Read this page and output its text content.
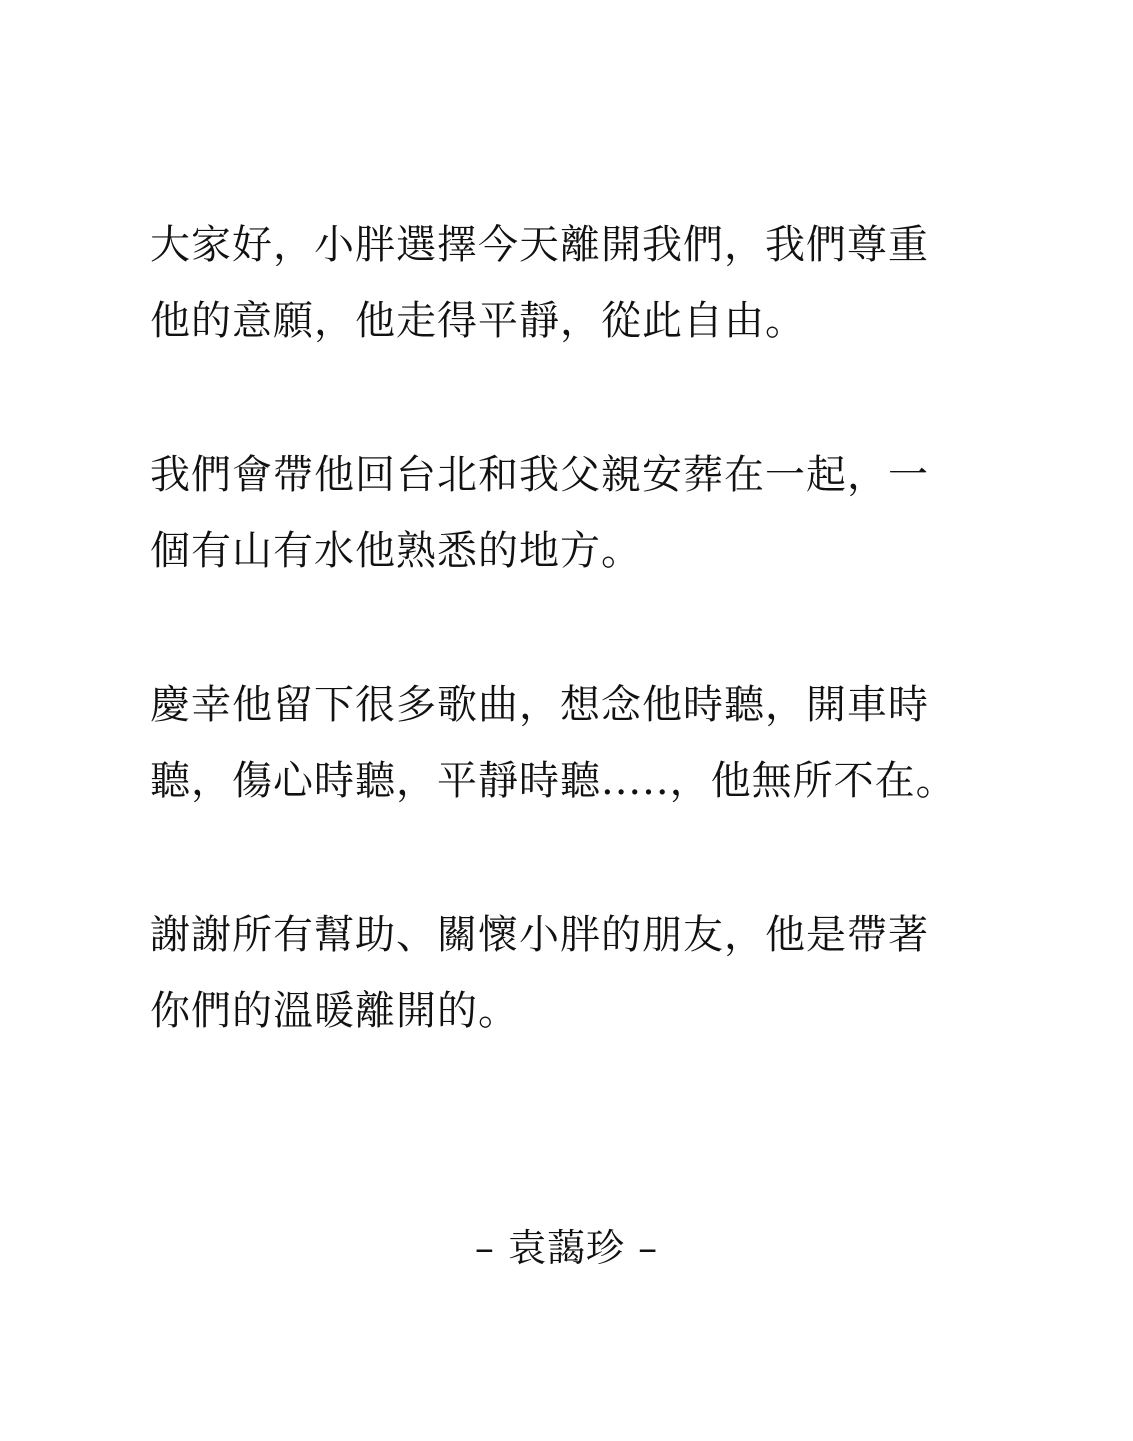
大家好，小胖選擇今天離開我們，我們尊重
他的意願，他走得平靜，從此自由。

我們會帶他回台北和我父親安葬在一起，一
個有山有水他熟悉的地方。

慶幸他留下很多歌曲，想念他時聽，開車時
聽，傷心時聽，平靜時聽.....，他無所不在。

謝謝所有幫助、關懷小胖的朋友，他是帶著
你們的溫暖離開的。

– 袁藹珍 –
